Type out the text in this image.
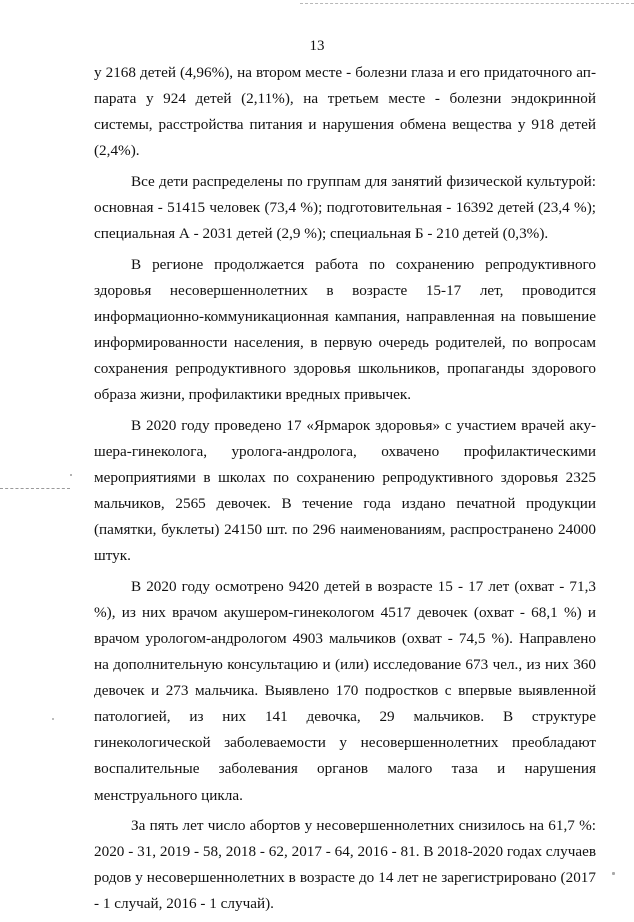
13

у 2168 детей (4,96%), на втором месте - болезни глаза и его придаточного аппарата у 924 детей (2,11%), на третьем месте - болезни эндокринной системы, расстройства питания и нарушения обмена вещества у 918 детей (2,4%).

Все дети распределены по группам для занятий физической культурой: основная - 51415 человек (73,4 %); подготовительная - 16392 детей (23,4 %); специальная А - 2031 детей (2,9 %); специальная Б - 210 детей (0,3%).

В регионе продолжается работа по сохранению репродуктивного здоровья несовершеннолетних в возрасте 15-17 лет, проводится информационно-коммуникационная кампания, направленная на повышение информированности населения, в первую очередь родителей, по вопросам сохранения репродуктивного здоровья школьников, пропаганды здорового образа жизни, профилактики вредных привычек.

В 2020 году проведено 17 «Ярмарок здоровья» с участием врачей акушера-гинеколога, уролога-андролога, охвачено профилактическими мероприятиями в школах по сохранению репродуктивного здоровья 2325 мальчиков, 2565 девочек. В течение года издано печатной продукции (памятки, буклеты) 24150 шт. по 296 наименованиям, распространено 24000 штук.

В 2020 году осмотрено 9420 детей в возрасте 15 - 17 лет (охват - 71,3 %), из них врачом акушером-гинекологом 4517 девочек (охват - 68,1 %) и врачом урологом-андрологом 4903 мальчиков (охват - 74,5 %). Направлено на дополнительную консультацию и (или) исследование 673 чел., из них 360 девочек и 273 мальчика. Выявлено 170 подростков с впервые выявленной патологией, из них 141 девочка, 29 мальчиков. В структуре гинекологической заболеваемости у несовершеннолетних преобладают воспалительные заболевания органов малого таза и нарушения менструального цикла.

За пять лет число абортов у несовершеннолетних снизилось на 61,7 %: 2020 - 31, 2019 - 58, 2018 - 62, 2017 - 64, 2016 - 81. В 2018-2020 годах случаев родов у несовершеннолетних в возрасте до 14 лет не зарегистрировано (2017 - 1 случай, 2016 - 1 случай).
